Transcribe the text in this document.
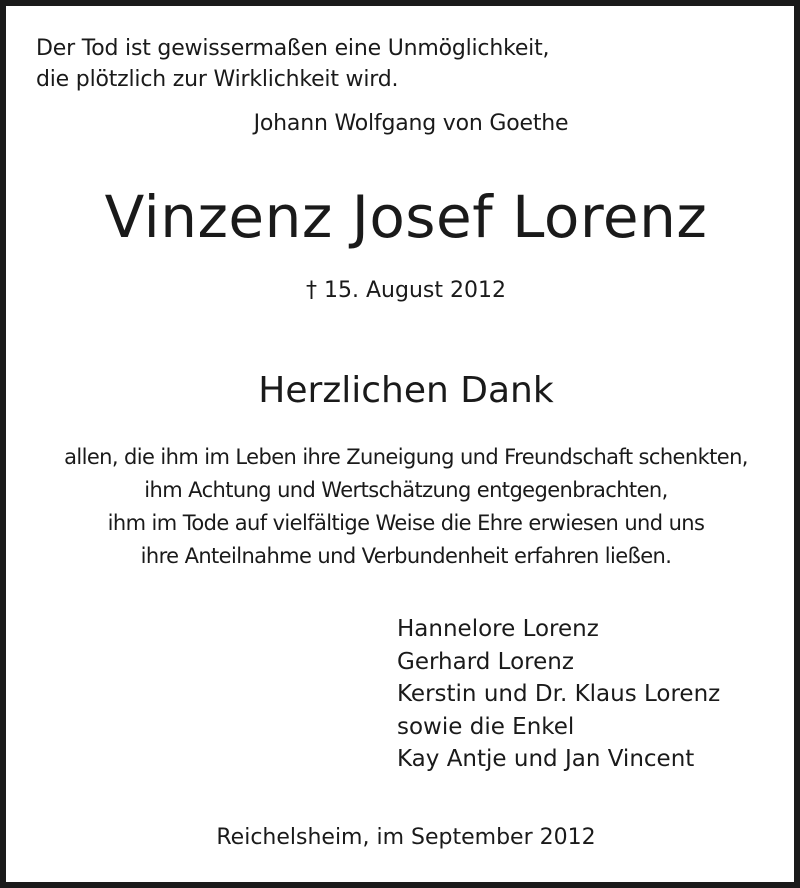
Der Tod ist gewissermaßen eine Unmöglichkeit,
die plötzlich zur Wirklichkeit wird.
Johann Wolfgang von Goethe
Vinzenz Josef Lorenz
† 15. August 2012
Herzlichen Dank
allen, die ihm im Leben ihre Zuneigung und Freundschaft schenkten,
ihm Achtung und Wertschätzung entgegenbrachten,
ihm im Tode auf vielfältige Weise die Ehre erwiesen und uns
ihre Anteilnahme und Verbundenheit erfahren ließen.
Hannelore Lorenz
Gerhard Lorenz
Kerstin und Dr. Klaus Lorenz
sowie die Enkel
Kay Antje und Jan Vincent
Reichelsheim, im September 2012
